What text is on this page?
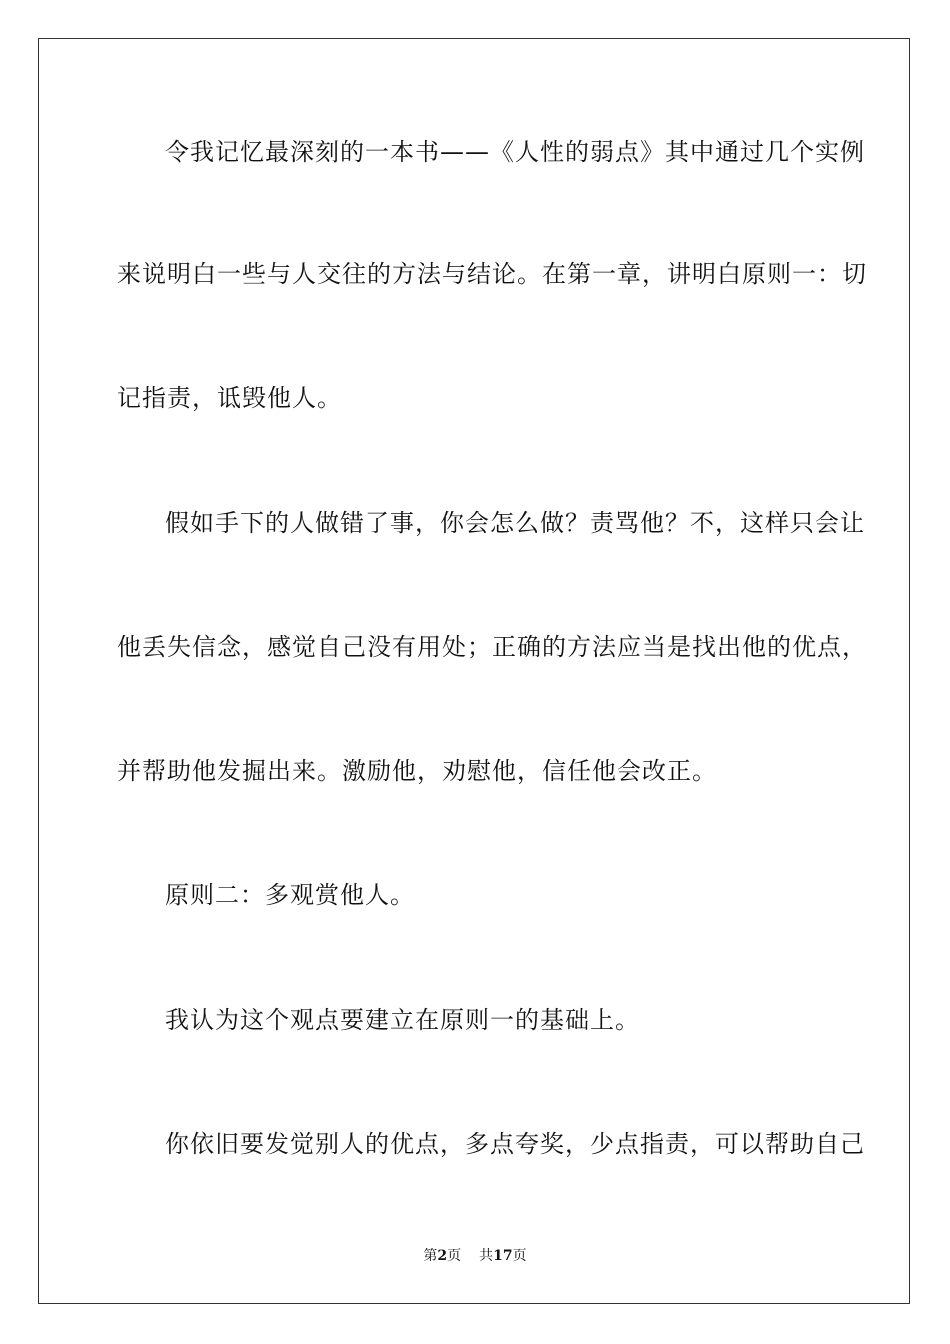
令我记忆最深刻的一本书——《人性的弱点》其中通过几个实例
来说明白一些与人交往的方法与结论。在第一章，讲明白原则一：切
记指责，诋毁他人。
假如手下的人做错了事，你会怎么做？责骂他？不，这样只会让
他丢失信念，感觉自己没有用处；正确的方法应当是找出他的优点，
并帮助他发掘出来。激励他，劝慰他，信任他会改正。
原则二：多观赏他人。
我认为这个观点要建立在原则一的基础上。
你依旧要发觉别人的优点，多点夸奖，少点指责，可以帮助自己
第2页 共17页
